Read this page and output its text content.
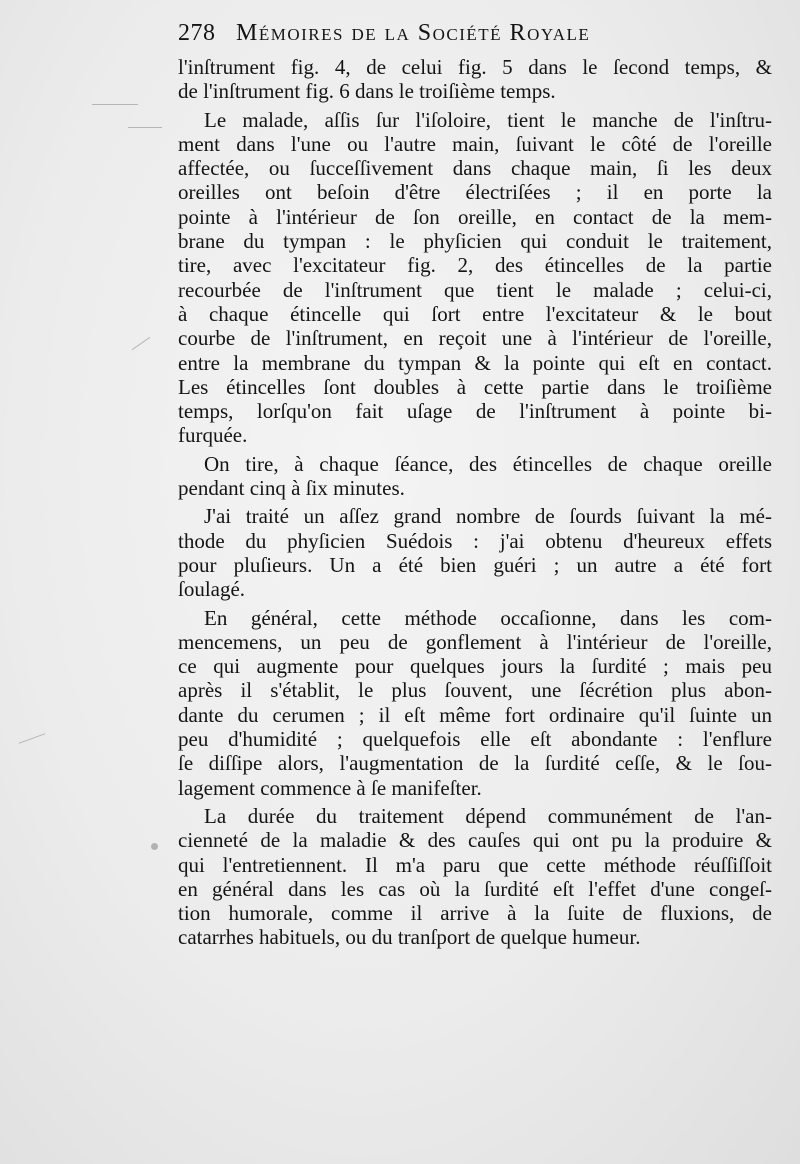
278 Mémoires de la Société Royale
l'inſtrument fig. 4, de celui fig. 5 dans le ſecond temps, &
de l'inſtrument fig. 6 dans le troiſième temps.
Le malade, aſſis ſur l'iſoloire, tient le manche de l'inſtru-
ment dans l'une ou l'autre main, ſuivant le côté de l'oreille
affectée, ou ſucceſſivement dans chaque main, ſi les deux
oreilles ont beſoin d'être électriſées ; il en porte la
pointe à l'intérieur de ſon oreille, en contact de la mem-
brane du tympan : le phyſicien qui conduit le traitement,
tire, avec l'excitateur fig. 2, des étincelles de la partie
recourbée de l'inſtrument que tient le malade ; celui-ci,
à chaque étincelle qui ſort entre l'excitateur & le bout
courbe de l'inſtrument, en reçoit une à l'intérieur de l'oreille,
entre la membrane du tympan & la pointe qui eſt en contact.
Les étincelles ſont doubles à cette partie dans le troiſième
temps, lorſqu'on fait uſage de l'inſtrument à pointe bi-
furquée.
On tire, à chaque ſéance, des étincelles de chaque oreille
pendant cinq à ſix minutes.
J'ai traité un aſſez grand nombre de ſourds ſuivant la mé-
thode du phyſicien Suédois : j'ai obtenu d'heureux effets
pour pluſieurs. Un a été bien guéri ; un autre a été fort
ſoulagé.
En général, cette méthode occaſionne, dans les com-
mencemens, un peu de gonflement à l'intérieur de l'oreille,
ce qui augmente pour quelques jours la ſurdité ; mais peu
après il s'établit, le plus ſouvent, une ſécrétion plus abon-
dante du cerumen ; il eſt même fort ordinaire qu'il ſuinte un
peu d'humidité ; quelquefois elle eſt abondante : l'enflure
ſe diſſipe alors, l'augmentation de la ſurdité ceſſe, & le ſou-
lagement commence à ſe manifeſter.
La durée du traitement dépend communément de l'an-
cienneté de la maladie & des cauſes qui ont pu la produire &
qui l'entretiennent. Il m'a paru que cette méthode réuſſiſſoit
en général dans les cas où la ſurdité eſt l'effet d'une congeſ-
tion humorale, comme il arrive à la ſuite de fluxions, de
catarrhes habituels, ou du tranſport de quelque humeur.
